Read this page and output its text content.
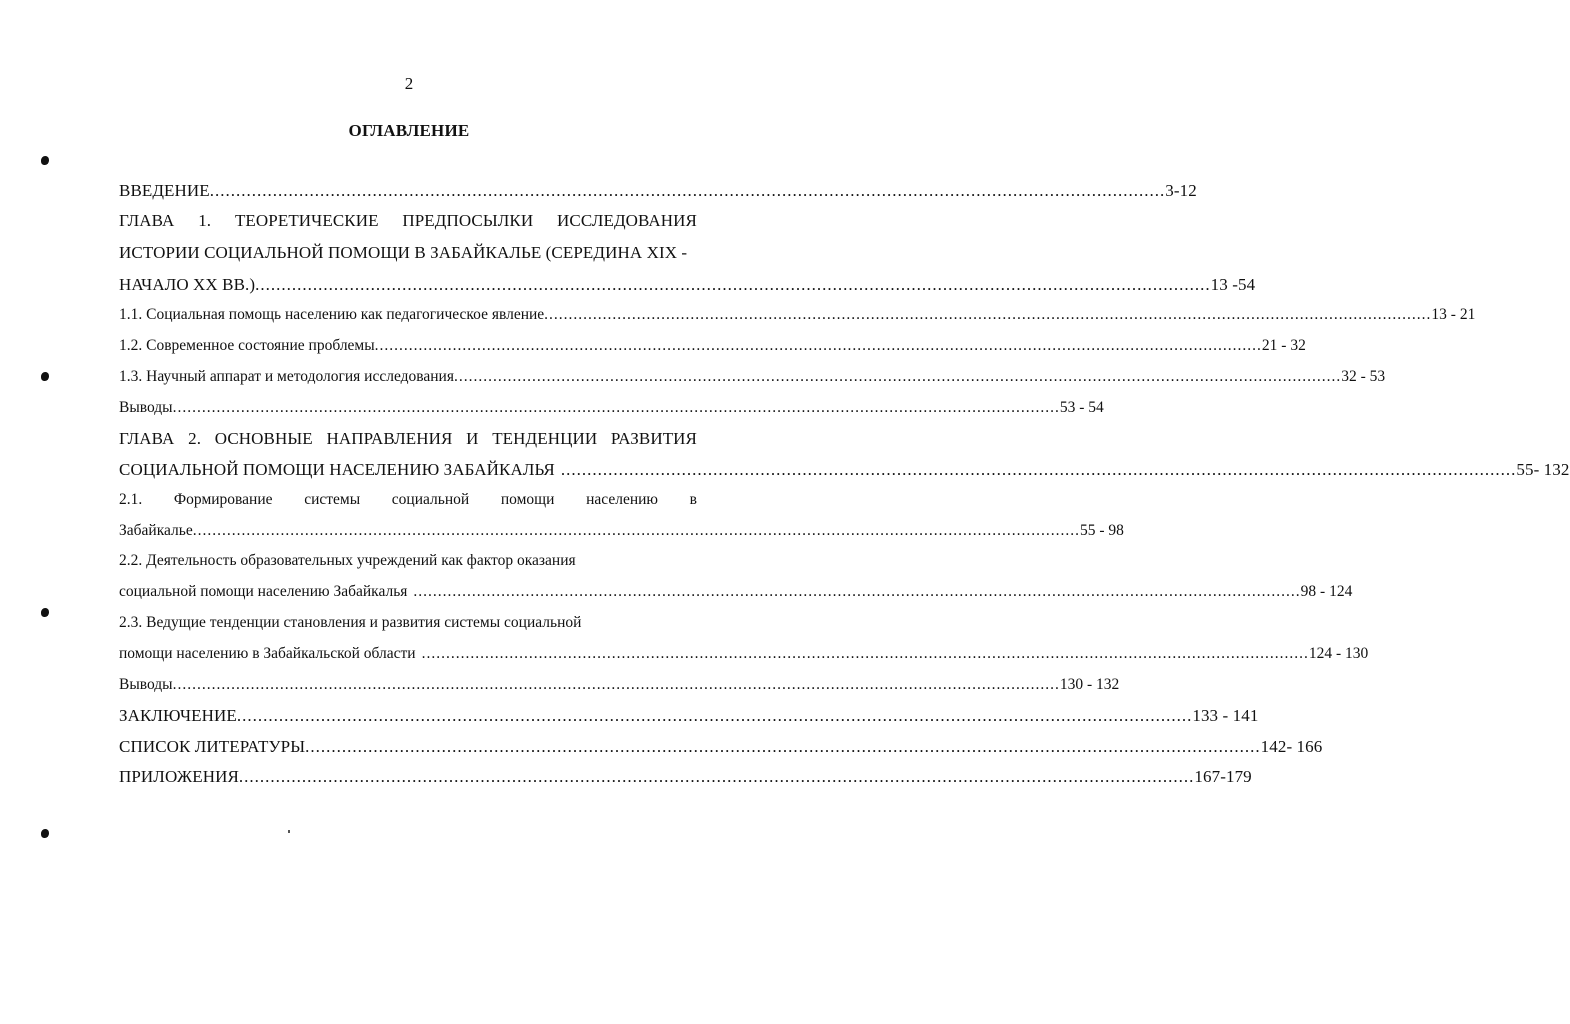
2
ОГЛАВЛЕНИЕ
ВВЕДЕНИЕ ...................................................................................................................................................................................... 3-12
ГЛАВА 1. ТЕОРЕТИЧЕСКИЕ ПРЕДПОСЫЛКИ ИССЛЕДОВАНИЯ
ИСТОРИИ СОЦИАЛЬНОЙ ПОМОЩИ В ЗАБАЙКАЛЬЕ (СЕРЕДИНА XIX -
НАЧАЛО XX ВВ.) ...................................................................................................................................................................................... 13 -54
1.1. Социальная помощь населению как педагогическое явление ...................................................................................................................................................................................... 13 - 21
1.2. Современное состояние проблемы ...................................................................................................................................................................................... 21 - 32
1.3. Научный аппарат и методология исследования ...................................................................................................................................................................................... 32 - 53
Выводы ...................................................................................................................................................................................... 53 - 54
ГЛАВА 2. ОСНОВНЫЕ НАПРАВЛЕНИЯ И ТЕНДЕНЦИИ РАЗВИТИЯ
СОЦИАЛЬНОЙ ПОМОЩИ НАСЕЛЕНИЮ ЗАБАЙКАЛЬЯ ...................................................................................................................................................................................... 55- 132
2.1. Формирование системы социальной помощи населению в
Забайкалье ...................................................................................................................................................................................... 55 - 98
2.2. Деятельность образовательных учреждений как фактор оказания
социальной помощи населению Забайкалья ...................................................................................................................................................................................... 98 - 124
2.3. Ведущие тенденции становления и развития системы социальной
помощи населению в Забайкальской области ...................................................................................................................................................................................... 124 - 130
Выводы ...................................................................................................................................................................................... 130 - 132
ЗАКЛЮЧЕНИЕ ...................................................................................................................................................................................... 133 - 141
СПИСОК ЛИТЕРАТУРЫ ...................................................................................................................................................................................... 142- 166
ПРИЛОЖЕНИЯ ...................................................................................................................................................................................... 167-179
